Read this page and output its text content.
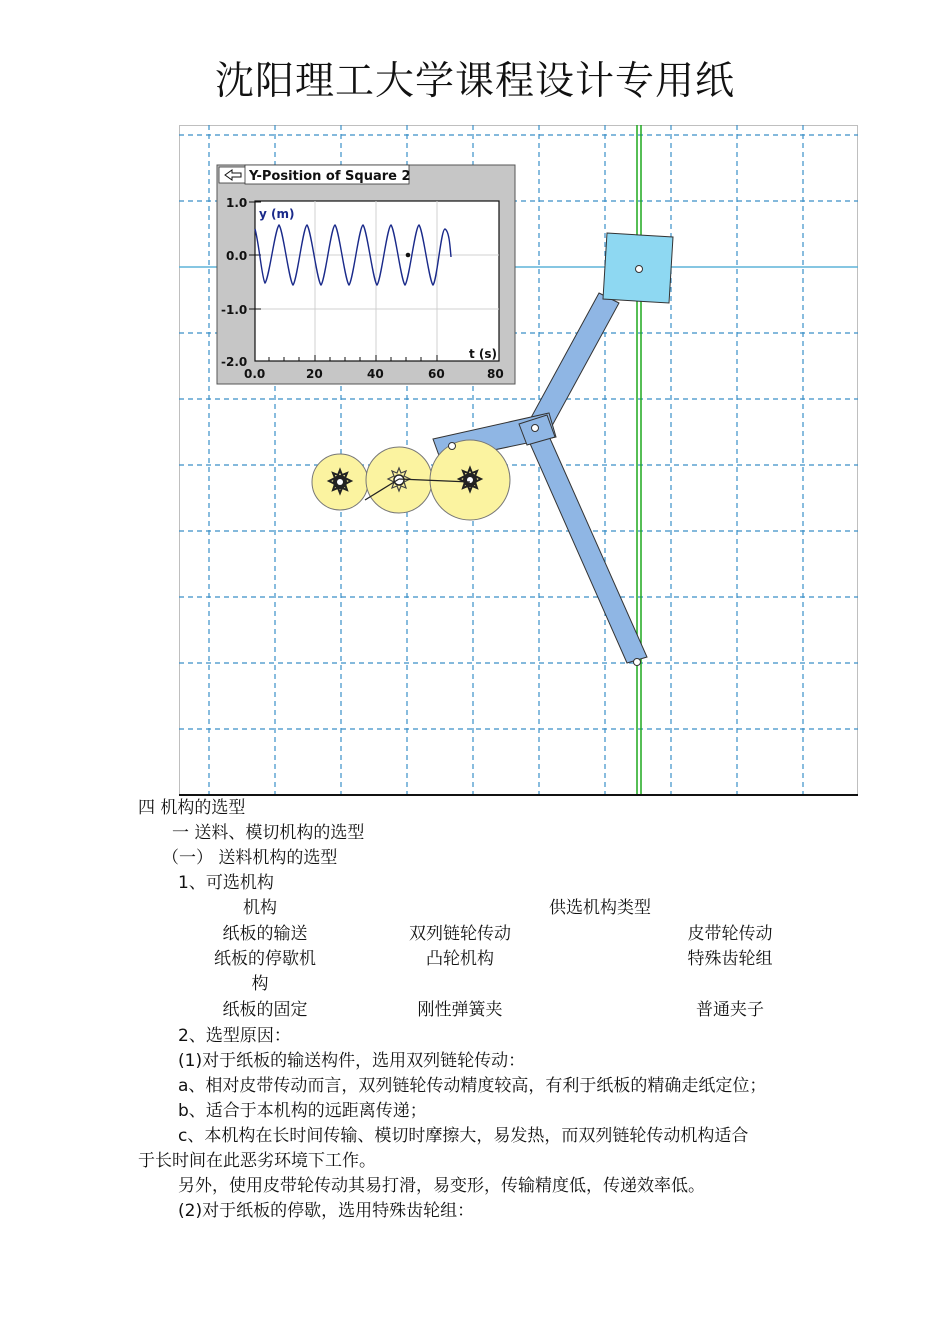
沈阳理工大学课程设计专用纸
Y-Position of Square 2
y (m)
t (s)
1.0
0.0
-1.0
-2.0
0.0	20	40	60	80
四 机构的选型
一 送料、模切机构的选型
（一） 送料机构的选型
1、可选机构
机构	供选机构类型
纸板的输送	双列链轮传动	皮带轮传动
纸板的停歇机
构
凸轮机构	特殊齿轮组
纸板的固定	刚性弹簧夹	普通夹子
2、选型原因：
(1)对于纸板的输送构件，选用双列链轮传动：
a、相对皮带传动而言，双列链轮传动精度较高，有利于纸板的精确走纸定位；
b、适合于本机构的远距离传递；
c、本机构在长时间传输、模切时摩擦大，易发热，而双列链轮传动机构适合
于长时间在此恶劣环境下工作。
另外，使用皮带轮传动其易打滑，易变形，传输精度低，传递效率低。
(2)对于纸板的停歇，选用特殊齿轮组：
